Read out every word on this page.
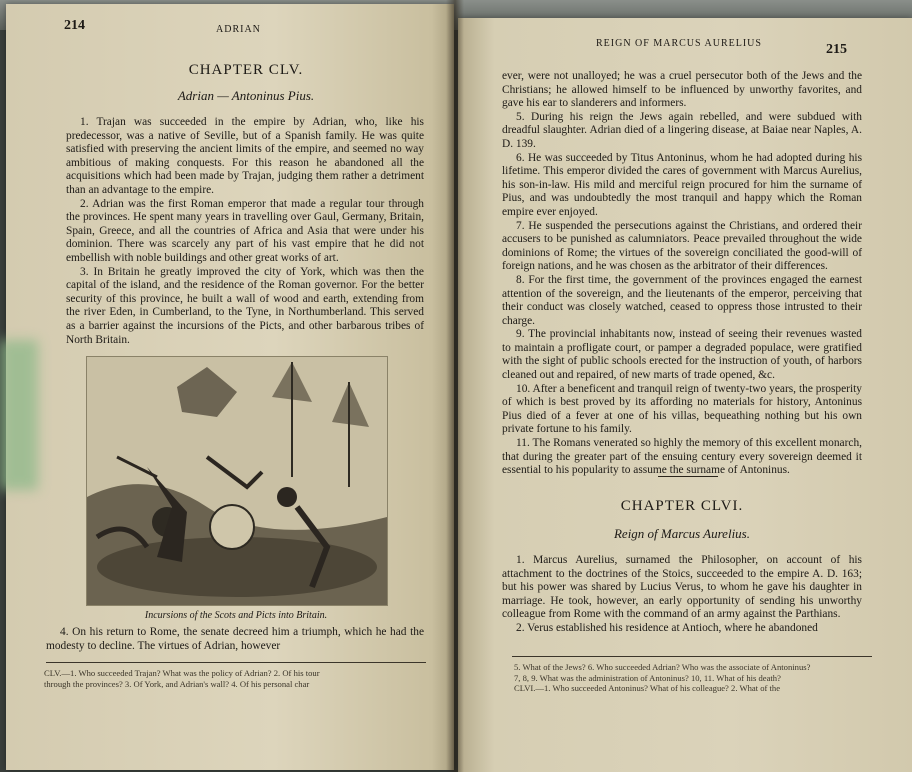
214	ADRIAN
CHAPTER CLV.
Adrian — Antoninus Pius.

1. Trajan was succeeded in the empire by Adrian, who, like his predecessor, was a native of Seville, but of a Spanish family. He was quite satisfied with preserving the ancient limits of the empire, and seemed no way ambitious of making conquests. For this reason he abandoned all the acquisitions which had been made by Trajan, judging them rather a detriment than an advantage to the empire.

2. Adrian was the first Roman emperor that made a regular tour through the provinces. He spent many years in travelling over Gaul, Germany, Britain, Spain, Greece, and all the countries of Africa and Asia that were under his dominion. There was scarcely any part of his vast empire that he did not embellish with noble buildings and other great works of art.

3. In Britain he greatly improved the city of York, which was then the capital of the island, and the residence of the Roman governor. For the better security of this province, he built a wall of wood and earth, extending from the river Eden, in Cumberland, to the Tyne, in Northumberland. This served as a barrier against the incursions of the Picts, and other barbarous tribes of North Britain.

Incursions of the Scots and Picts into Britain.

4. On his return to Rome, the senate decreed him a triumph, which he had the modesty to decline. The virtues of Adrian, however

CLV.—1. Who succeeded Trajan? What was the policy of Adrian? 2. Of his tour
through the provinces? 3. Of York, and Adrian's wall? 4. Of his personal char
REIGN OF MARCUS AURELIUS	215

ever, were not unalloyed; he was a cruel persecutor both of the Jews and the Christians; he allowed himself to be influenced by unworthy favorites, and gave his ear to slanderers and informers.

5. During his reign the Jews again rebelled, and were subdued with dreadful slaughter. Adrian died of a lingering disease, at Baiae near Naples, A. D. 139.

6. He was succeeded by Titus Antoninus, whom he had adopted during his lifetime. This emperor divided the cares of government with Marcus Aurelius, his son-in-law. His mild and merciful reign procured for him the surname of Pius, and was undoubtedly the most tranquil and happy which the Roman empire ever enjoyed.

7. He suspended the persecutions against the Christians, and ordered their accusers to be punished as calumniators. Peace prevailed throughout the wide dominions of Rome; the virtues of the sovereign conciliated the good-will of foreign nations, and he was chosen as the arbitrator of their differences.

8. For the first time, the government of the provinces engaged the earnest attention of the sovereign, and the lieutenants of the emperor, perceiving that their conduct was closely watched, ceased to oppress those intrusted to their charge.

9. The provincial inhabitants now, instead of seeing their revenues wasted to maintain a profligate court, or pamper a degraded populace, were gratified with the sight of public schools erected for the instruction of youth, of harbors cleaned out and repaired, of new marts of trade opened, &c.

10. After a beneficent and tranquil reign of twenty-two years, the prosperity of which is best proved by its affording no materials for history, Antoninus Pius died of a fever at one of his villas, bequeathing nothing but his own private fortune to his family.

11. The Romans venerated so highly the memory of this excellent monarch, that during the greater part of the ensuing century every sovereign deemed it essential to his popularity to assume the surname of Antoninus.

CHAPTER CLVI.
Reign of Marcus Aurelius.

1. Marcus Aurelius, surnamed the Philosopher, on account of his attachment to the doctrines of the Stoics, succeeded to the empire A. D. 163; but his power was shared by Lucius Verus, to whom he gave his daughter in marriage. He took, however, an early opportunity of sending his unworthy colleague from Rome with the command of an army against the Parthians.

2. Verus established his residence at Antioch, where he abandoned

5. What of the Jews? 6. Who succeeded Adrian? Who was the associate of Antoninus?
7, 8, 9. What was the administration of Antoninus? 10, 11. What of his death?
CLVI.—1. Who succeeded Antoninus? What of his colleague? 2. What of the
